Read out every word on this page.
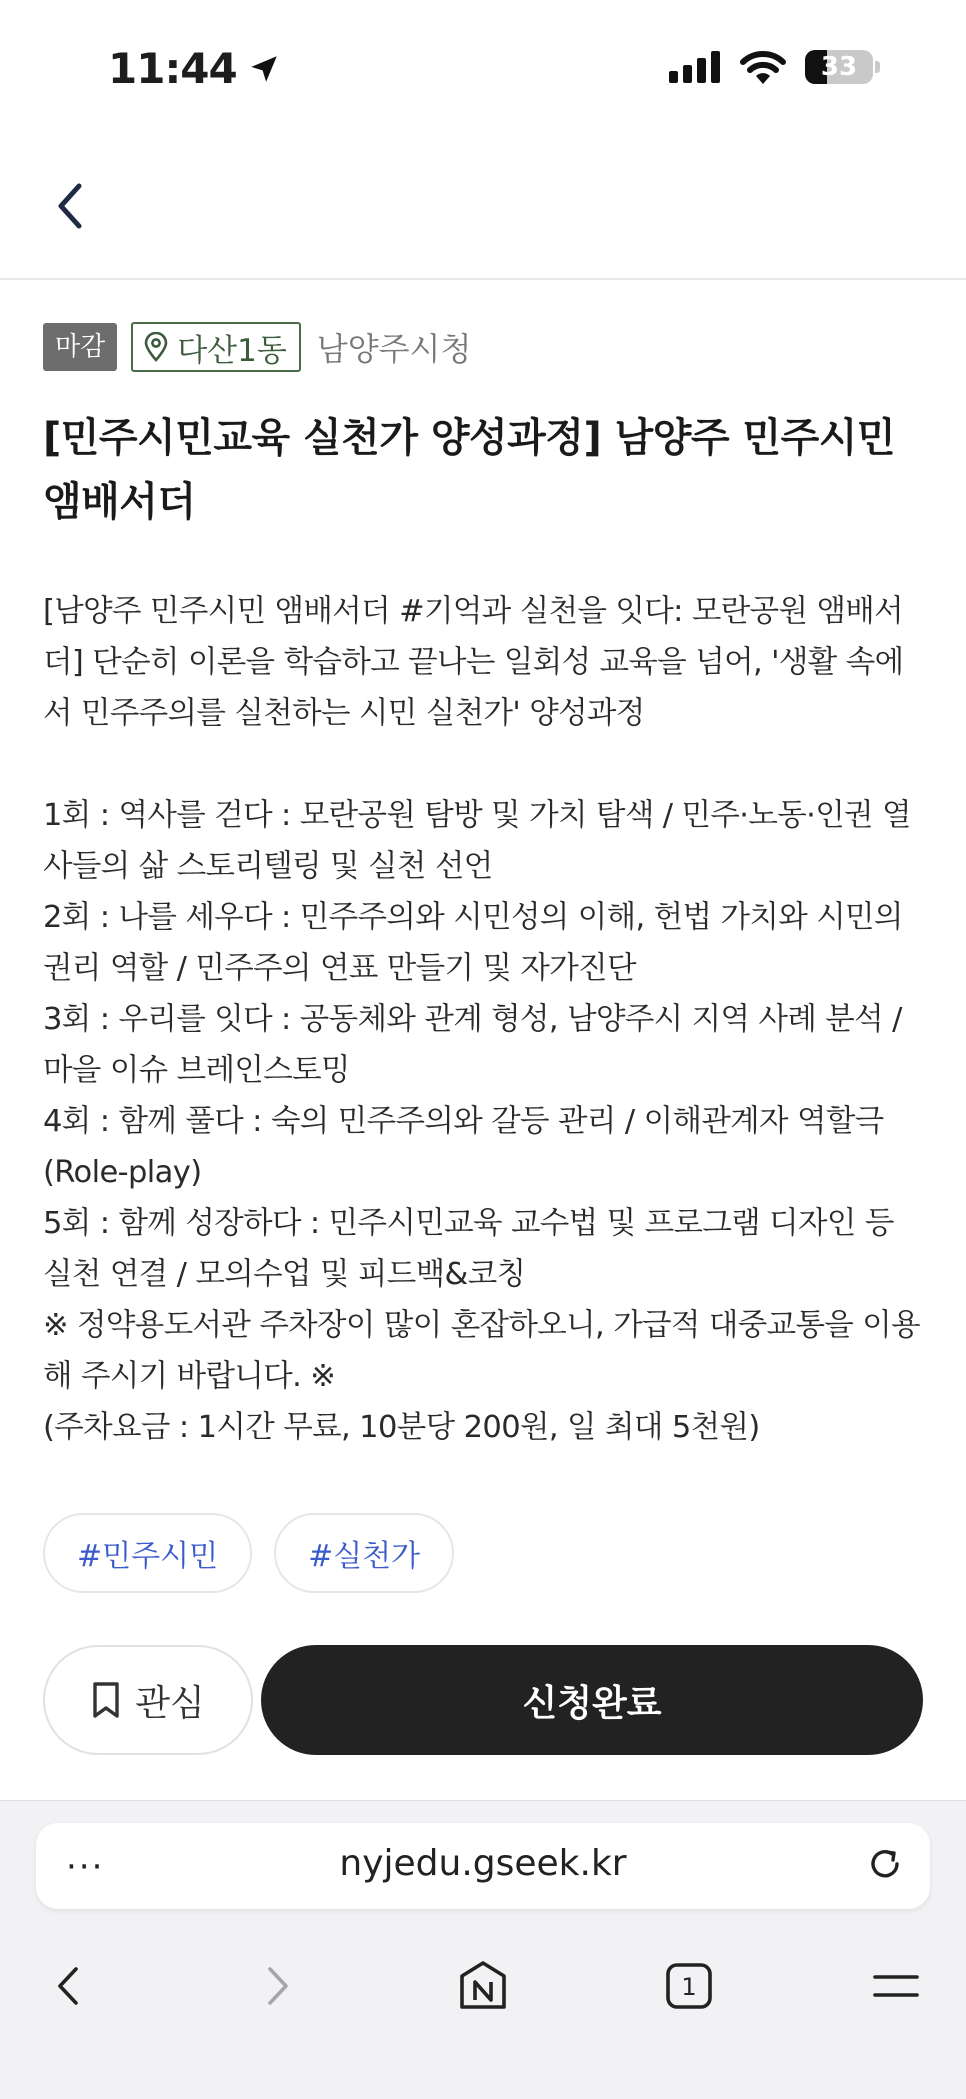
11:44	33
마감	다산1동 남양주시청
[민주시민교육 실천가 양성과정] 남양주 민주시민 앰배서더

[남양주 민주시민 앰배서더 #기억과 실천을 잇다: 모란공원 앰배서더] 단순히 이론을 학습하고 끝나는 일회성 교육을 넘어, '생활 속에서 민주주의를 실천하는 시민 실천가' 양성과정

1회 : 역사를 걷다 : 모란공원 탐방 및 가치 탐색 / 민주·노동·인권 열사들의 삶 스토리텔링 및 실천 선언
2회 : 나를 세우다 : 민주주의와 시민성의 이해, 헌법 가치와 시민의 권리 역할 / 민주주의 연표 만들기 및 자가진단
3회 : 우리를 잇다 : 공동체와 관계 형성, 남양주시 지역 사례 분석 / 마을 이슈 브레인스토밍
4회 : 함께 풀다 : 숙의 민주주의와 갈등 관리 / 이해관계자 역할극(Role-play)
5회 : 함께 성장하다 : 민주시민교육 교수법 및 프로그램 디자인 등 실천 연결 / 모의수업 및 피드백&코칭
※ 정약용도서관 주차장이 많이 혼잡하오니, 가급적 대중교통을 이용해 주시기 바랍니다. ※
(주차요금 : 1시간 무료, 10분당 200원, 일 최대 5천원)

#민주시민	#실천가
관심	신청완료
···	nyjedu.gseek.kr
1
